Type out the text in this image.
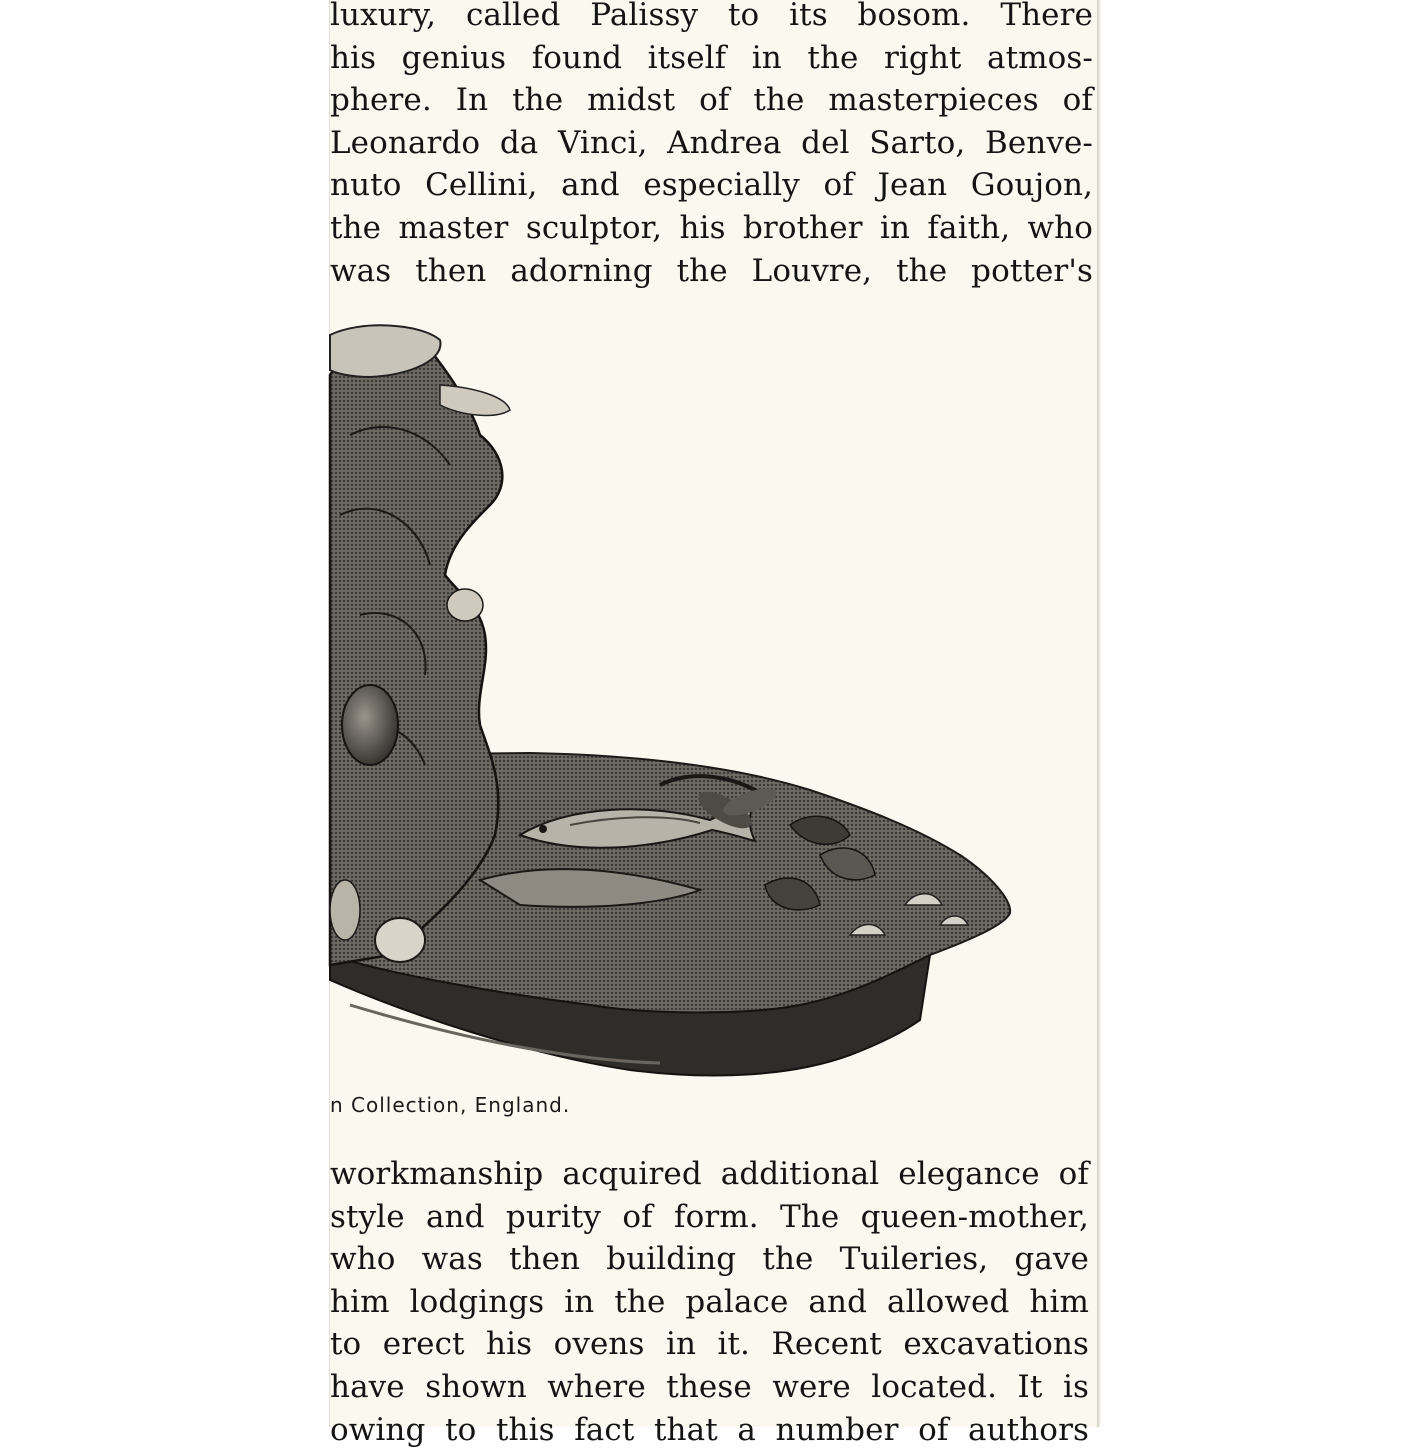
luxury, called Palissy to its bosom. There
his genius found itself in the right atmos-
phere. In the midst of the masterpieces of
Leonardo da Vinci, Andrea del Sarto, Benve-
nuto Cellini, and especially of Jean Goujon,
the master sculptor, his brother in faith, who
was then adorning the Louvre, the potter's
n Collection, England.
workmanship acquired additional elegance of
style and purity of form. The queen-mother,
who was then building the Tuileries, gave
him lodgings in the palace and allowed him
to erect his ovens in it. Recent excavations
have shown where these were located. It is
owing to this fact that a number of authors
